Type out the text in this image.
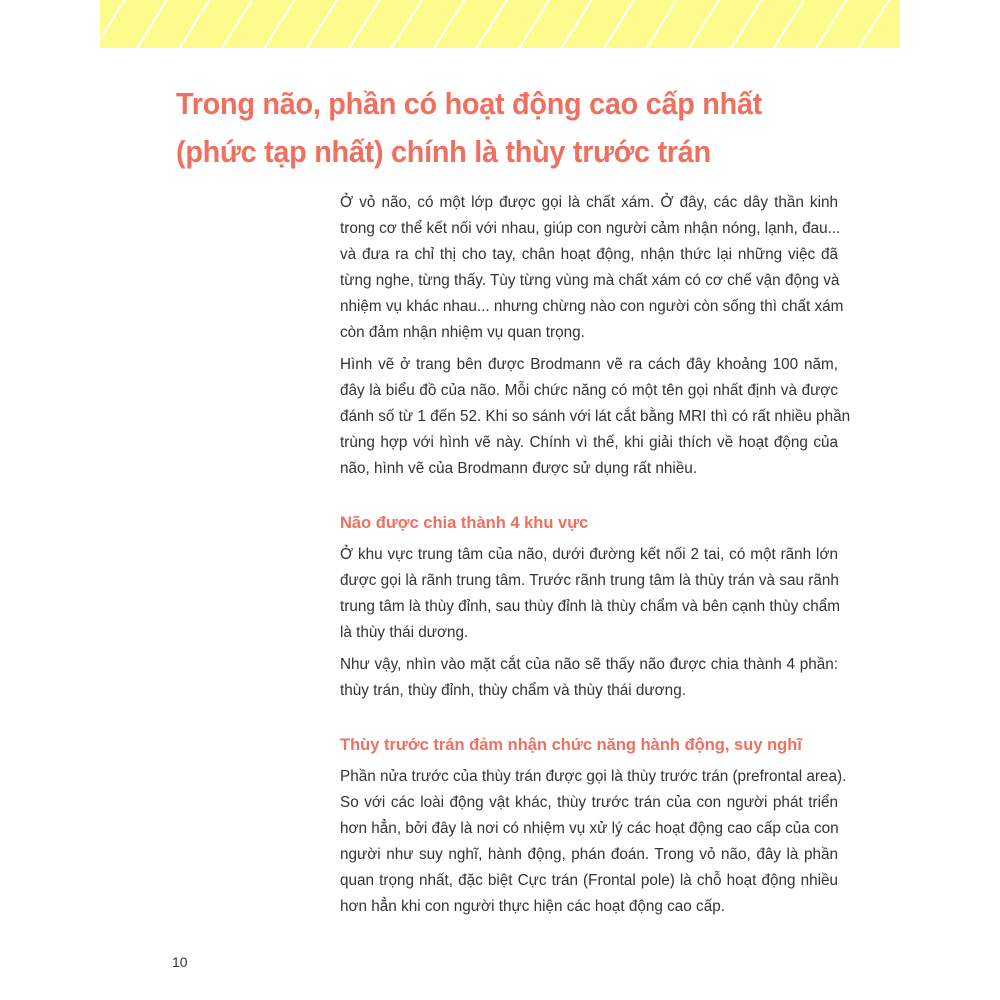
Trong não, phần có hoạt động cao cấp nhất
(phức tạp nhất) chính là thùy trước trán
Ở vỏ não, có một lớp được gọi là chất xám. Ở đây, các dây thần kinh
trong cơ thể kết nối với nhau, giúp con người cảm nhận nóng, lạnh, đau...
và đưa ra chỉ thị cho tay, chân hoạt động, nhận thức lại những việc đã
từng nghe, từng thấy. Tùy từng vùng mà chất xám có cơ chế vận động và
nhiệm vụ khác nhau... nhưng chừng nào con người còn sống thì chất xám
còn đảm nhận nhiệm vụ quan trọng.
Hình vẽ ở trang bên được Brodmann vẽ ra cách đây khoảng 100 năm,
đây là biểu đồ của não. Mỗi chức năng có một tên gọi nhất định và được
đánh số từ 1 đến 52. Khi so sánh với lát cắt bằng MRI thì có rất nhiều phần
trùng hợp với hình vẽ này. Chính vì thế, khi giải thích về hoạt động của
não, hình vẽ của Brodmann được sử dụng rất nhiều.
Não được chia thành 4 khu vực
Ở khu vực trung tâm của não, dưới đường kết nối 2 tai, có một rãnh lớn
được gọi là rãnh trung tâm. Trước rãnh trung tâm là thùy trán và sau rãnh
trung tâm là thùy đỉnh, sau thùy đỉnh là thùy chẩm và bên cạnh thùy chẩm
là thùy thái dương.
Như vậy, nhìn vào mặt cắt của não sẽ thấy não được chia thành 4 phần:
thùy trán, thùy đỉnh, thùy chẩm và thùy thái dương.
Thùy trước trán đảm nhận chức năng hành động, suy nghĩ
Phần nửa trước của thùy trán được gọi là thùy trước trán (prefrontal area).
So với các loài động vật khác, thùy trước trán của con người phát triển
hơn hẳn, bởi đây là nơi có nhiệm vụ xử lý các hoạt động cao cấp của con
người như suy nghĩ, hành động, phán đoán. Trong vỏ não, đây là phần
quan trọng nhất, đặc biệt Cực trán (Frontal pole) là chỗ hoạt động nhiều
hơn hẳn khi con người thực hiện các hoạt động cao cấp.
10
